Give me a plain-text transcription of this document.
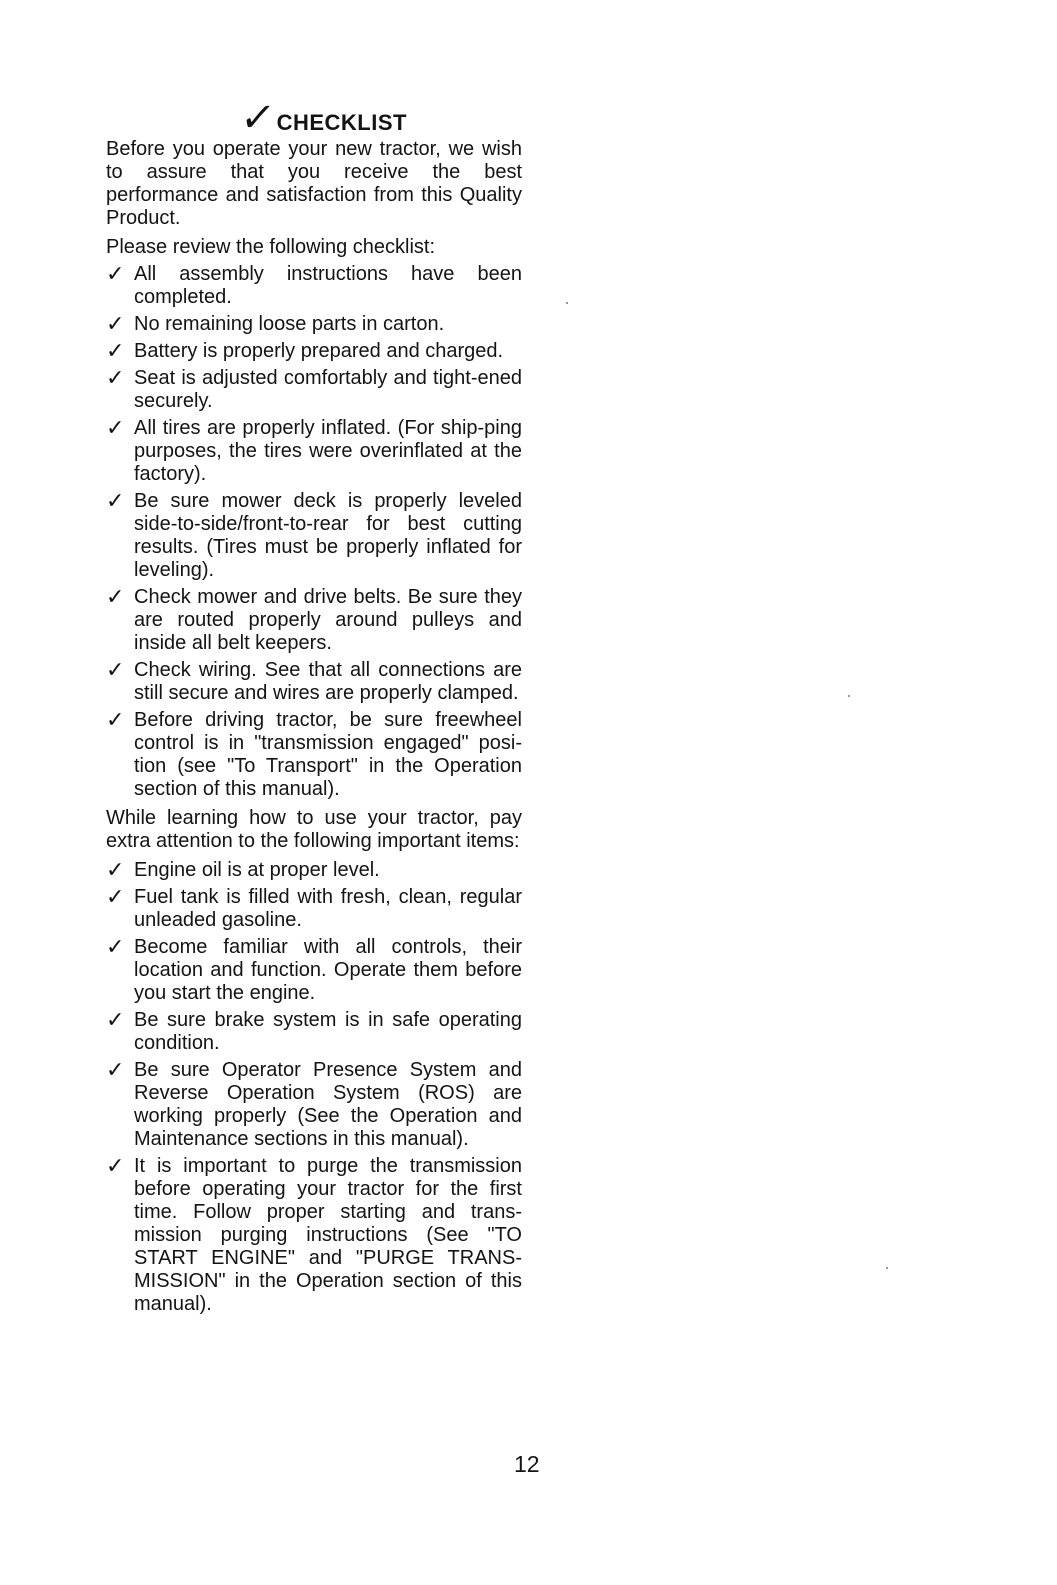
✓
CHECKLIST

Before you operate your new tractor, we wish to assure that you receive the best performance and satisfaction from this Quality Product.

Please review the following checklist:

✓ All assembly instructions have been completed.
✓ No remaining loose parts in carton.
✓ Battery is properly prepared and charged.
✓ Seat is adjusted comfortably and tight-ened securely.
✓ All tires are properly inflated. (For ship-ping purposes, the tires were overinflated at the factory).
✓ Be sure mower deck is properly leveled side-to-side/front-to-rear for best cutting results. (Tires must be properly inflated for leveling).
✓ Check mower and drive belts. Be sure they are routed properly around pulleys and inside all belt keepers.
✓ Check wiring. See that all connections are still secure and wires are properly clamped.
✓ Before driving tractor, be sure freewheel control is in "transmission engaged" posi-tion (see "To Transport" in the Operation section of this manual).

While learning how to use your tractor, pay extra attention to the following important items:

✓ Engine oil is at proper level.
✓ Fuel tank is filled with fresh, clean, regular unleaded gasoline.
✓ Become familiar with all controls, their location and function. Operate them before you start the engine.
✓ Be sure brake system is in safe operating condition.
✓ Be sure Operator Presence System and Reverse Operation System (ROS) are working properly (See the Operation and Maintenance sections in this manual).
✓ It is important to purge the transmission before operating your tractor for the first time. Follow proper starting and trans-mission purging instructions (See "TO START ENGINE" and "PURGE TRANS-MISSION" in the Operation section of this manual).
12
